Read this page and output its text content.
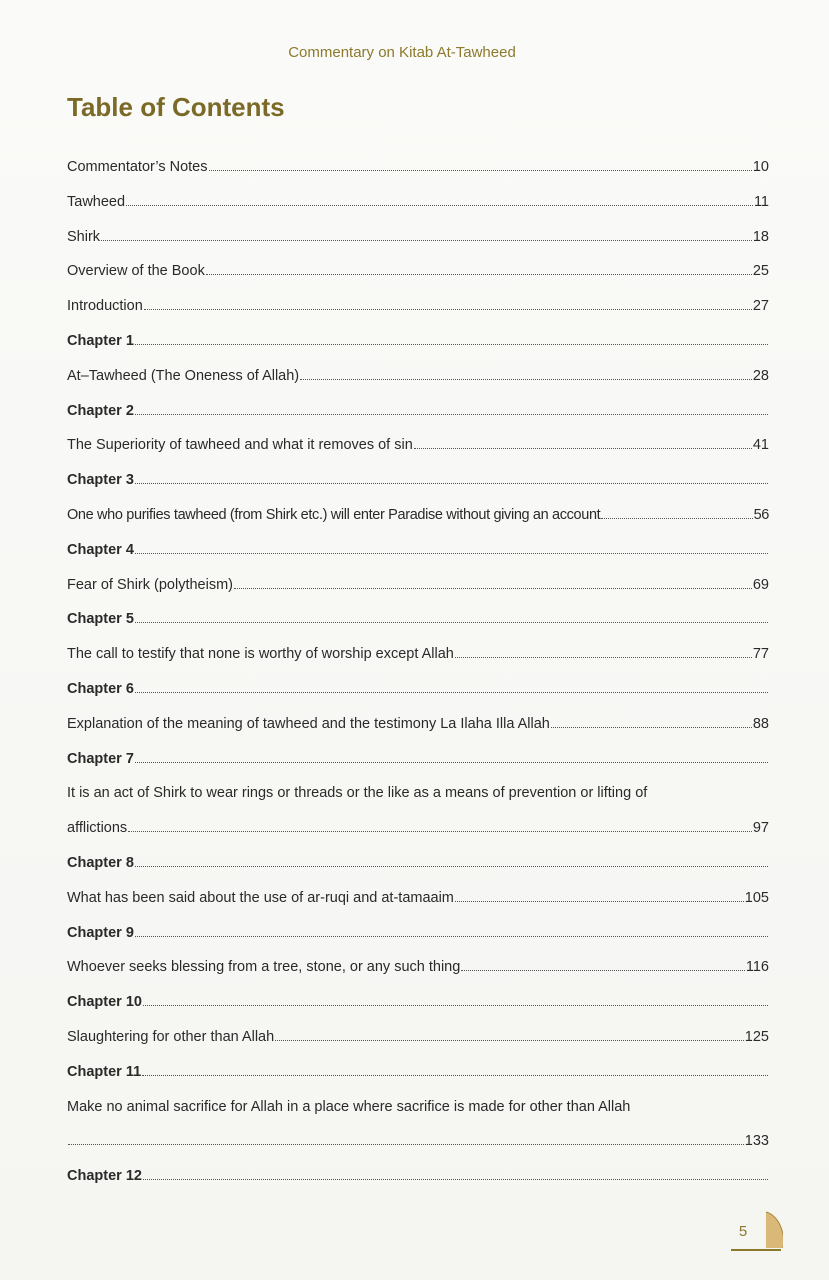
Commentary on Kitab At-Tawheed
Table of Contents
Commentator’s Notes	10
Tawheed	11
Shirk	18
Overview of the Book	25
Introduction	27
Chapter 1
At–Tawheed (The Oneness of Allah)	28
Chapter 2
The Superiority of tawheed and what it removes of sin	41
Chapter 3
One who purifies tawheed (from Shirk etc.) will enter Paradise without giving an account	56
Chapter 4
Fear of Shirk (polytheism)	69
Chapter 5
The call to testify that none is worthy of worship except Allah	77
Chapter 6
Explanation of the meaning of tawheed and the testimony La Ilaha Illa Allah	88
Chapter 7
It is an act of Shirk to wear rings or threads or the like as a means of prevention or lifting of
afflictions	97
Chapter 8
What has been said about the use of ar-ruqi and at-tamaaim	105
Chapter 9
Whoever seeks blessing from a tree, stone, or any such thing	116
Chapter 10
Slaughtering for other than Allah	125
Chapter 11
Make no animal sacrifice for Allah in a place where sacrifice is made for other than Allah
133
Chapter 12
5
